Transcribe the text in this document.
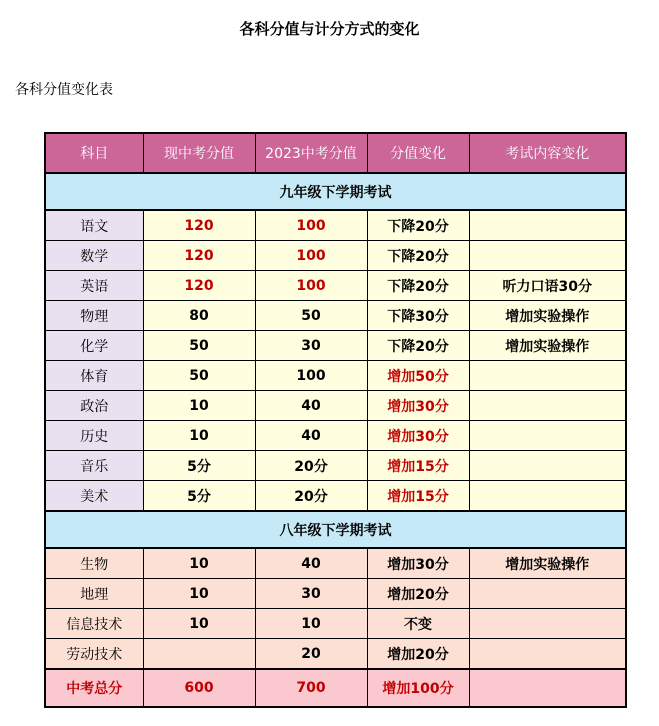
各科分值与计分方式的变化
各科分值变化表
科目	现中考分值	2023中考分值	分值变化	考试内容变化
九年级下学期考试				
语文	120	100	下降20分	
数学	120	100	下降20分	
英语	120	100	下降20分	听力口语30分
物理	80	50	下降30分	增加实验操作
化学	50	30	下降20分	增加实验操作
体育	50	100	增加50分	
政治	10	40	增加30分	
历史	10	40	增加30分	
音乐	5分	20分	增加15分	
美术	5分	20分	增加15分	
八年级下学期考试				
生物	10	40	增加30分	增加实验操作
地理	10	30	增加20分	
信息技术	10	10	不变	
劳动技术		20	增加20分	
中考总分	600	700	增加100分	
